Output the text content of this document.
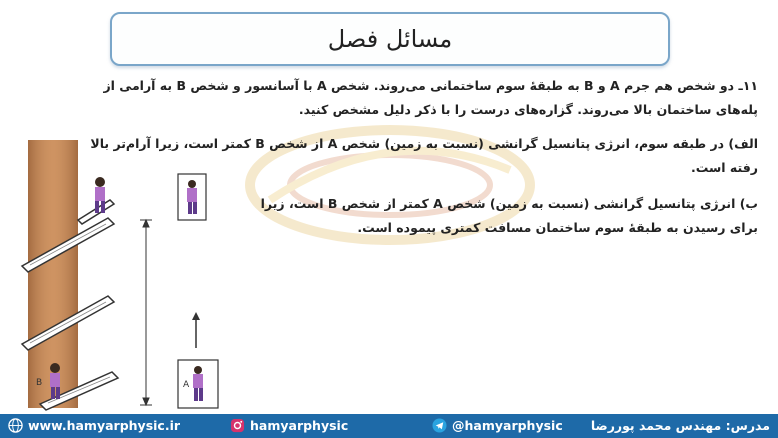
مسائل فصل
۱۱ـ دو شخص هم جرم A و B به طبقهٔ سوم ساختمانی می‌روند. شخص A با آسانسور و شخص B به آرامی از پله‌های ساختمان بالا می‌روند. گزاره‌های درست را با ذکر دلیل مشخص کنید.
الف) در طبقه سوم، انرژی پتانسیل گرانشی (نسبت به زمین) شخص A از شخص B کمتر است، زیرا آرام‌تر بالا رفته است.
ب) انرژی پتانسیل گرانشی (نسبت به زمین) شخص A کمتر از شخص B است، زیرا برای رسیدن به طبقهٔ سوم ساختمان مسافت کمتری پیموده است.
B	A
www.hamyarphysic.ir	hamyarphysic	@hamyarphysic مدرس: مهندس محمد پوررضا
